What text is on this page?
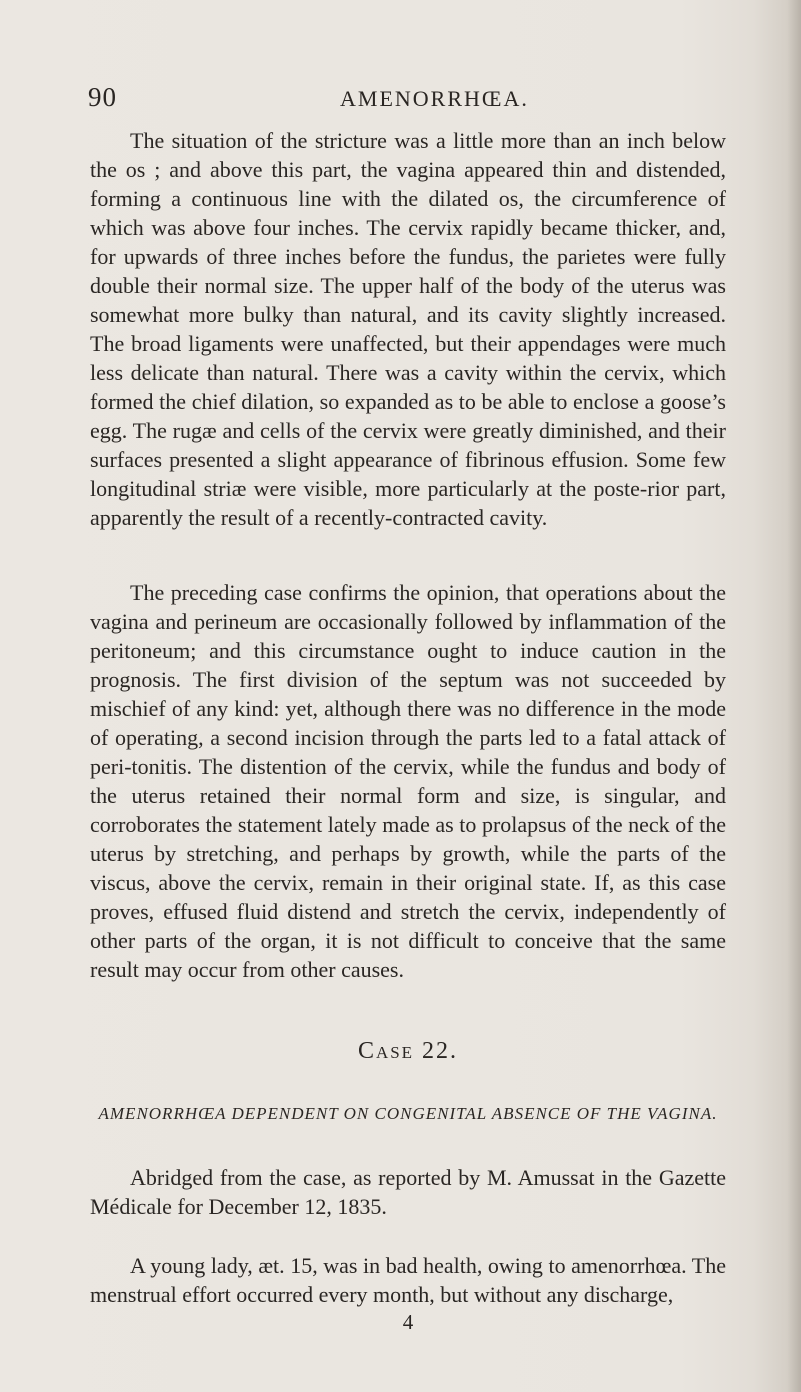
90	AMENORRHŒA.

The situation of the stricture was a little more than an inch below the os ; and above this part, the vagina appeared thin and distended, forming a continuous line with the dilated os, the circumference of which was above four inches. The cervix rapidly became thicker, and, for upwards of three inches before the fundus, the parietes were fully double their normal size. The upper half of the body of the uterus was somewhat more bulky than natural, and its cavity slightly increased. The broad ligaments were unaffected, but their appendages were much less delicate than natural. There was a cavity within the cervix, which formed the chief dilation, so expanded as to be able to enclose a goose’s egg. The rugæ and cells of the cervix were greatly diminished, and their surfaces presented a slight appearance of fibrinous effusion. Some few longitudinal striæ were visible, more particularly at the poste-rior part, apparently the result of a recently-contracted cavity.

The preceding case confirms the opinion, that operations about the vagina and perineum are occasionally followed by inflammation of the peritoneum; and this circumstance ought to induce caution in the prognosis. The first division of the septum was not succeeded by mischief of any kind: yet, although there was no difference in the mode of operating, a second incision through the parts led to a fatal attack of peri-tonitis. The distention of the cervix, while the fundus and body of the uterus retained their normal form and size, is singular, and corroborates the statement lately made as to prolapsus of the neck of the uterus by stretching, and perhaps by growth, while the parts of the viscus, above the cervix, remain in their original state. If, as this case proves, effused fluid distend and stretch the cervix, independently of other parts of the organ, it is not difficult to conceive that the same result may occur from other causes.

Case 22.

AMENORRHŒA DEPENDENT ON CONGENITAL ABSENCE OF THE VAGINA.

Abridged from the case, as reported by M. Amussat in the Gazette Médicale for December 12, 1835.

A young lady, æt. 15, was in bad health, owing to amenorrhœa. The menstrual effort occurred every month, but without any discharge,

4
